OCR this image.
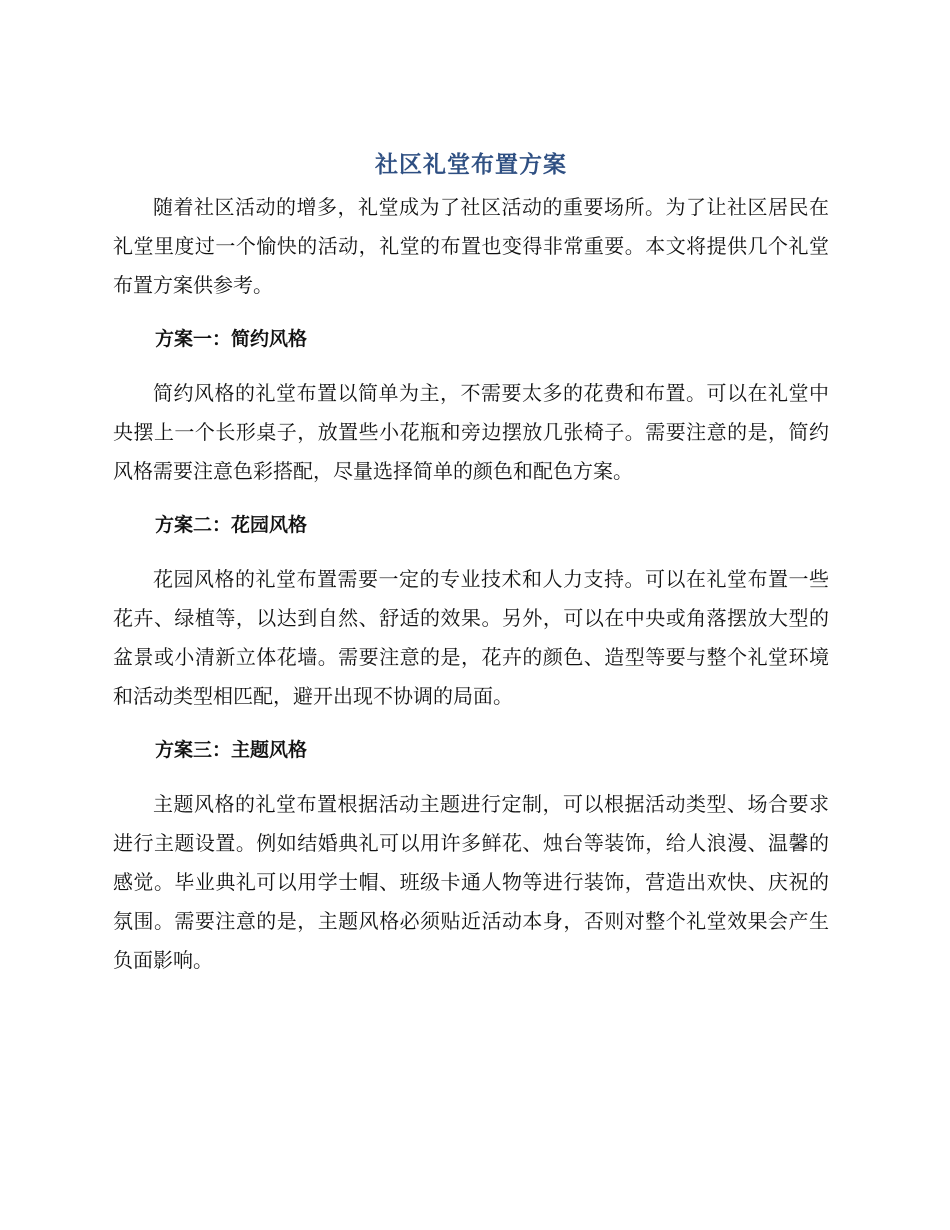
社区礼堂布置方案

随着社区活动的增多，礼堂成为了社区活动的重要场所。为了让社区居民在礼堂里度过一个愉快的活动，礼堂的布置也变得非常重要。本文将提供几个礼堂布置方案供参考。

方案一：简约风格

简约风格的礼堂布置以简单为主，不需要太多的花费和布置。可以在礼堂中央摆上一个长形桌子，放置些小花瓶和旁边摆放几张椅子。需要注意的是，简约风格需要注意色彩搭配，尽量选择简单的颜色和配色方案。

方案二：花园风格

花园风格的礼堂布置需要一定的专业技术和人力支持。可以在礼堂布置一些花卉、绿植等，以达到自然、舒适的效果。另外，可以在中央或角落摆放大型的盆景或小清新立体花墙。需要注意的是，花卉的颜色、造型等要与整个礼堂环境和活动类型相匹配，避开出现不协调的局面。

方案三：主题风格

主题风格的礼堂布置根据活动主题进行定制，可以根据活动类型、场合要求进行主题设置。例如结婚典礼可以用许多鲜花、烛台等装饰，给人浪漫、温馨的感觉。毕业典礼可以用学士帽、班级卡通人物等进行装饰，营造出欢快、庆祝的氛围。需要注意的是，主题风格必须贴近活动本身，否则对整个礼堂效果会产生负面影响。
